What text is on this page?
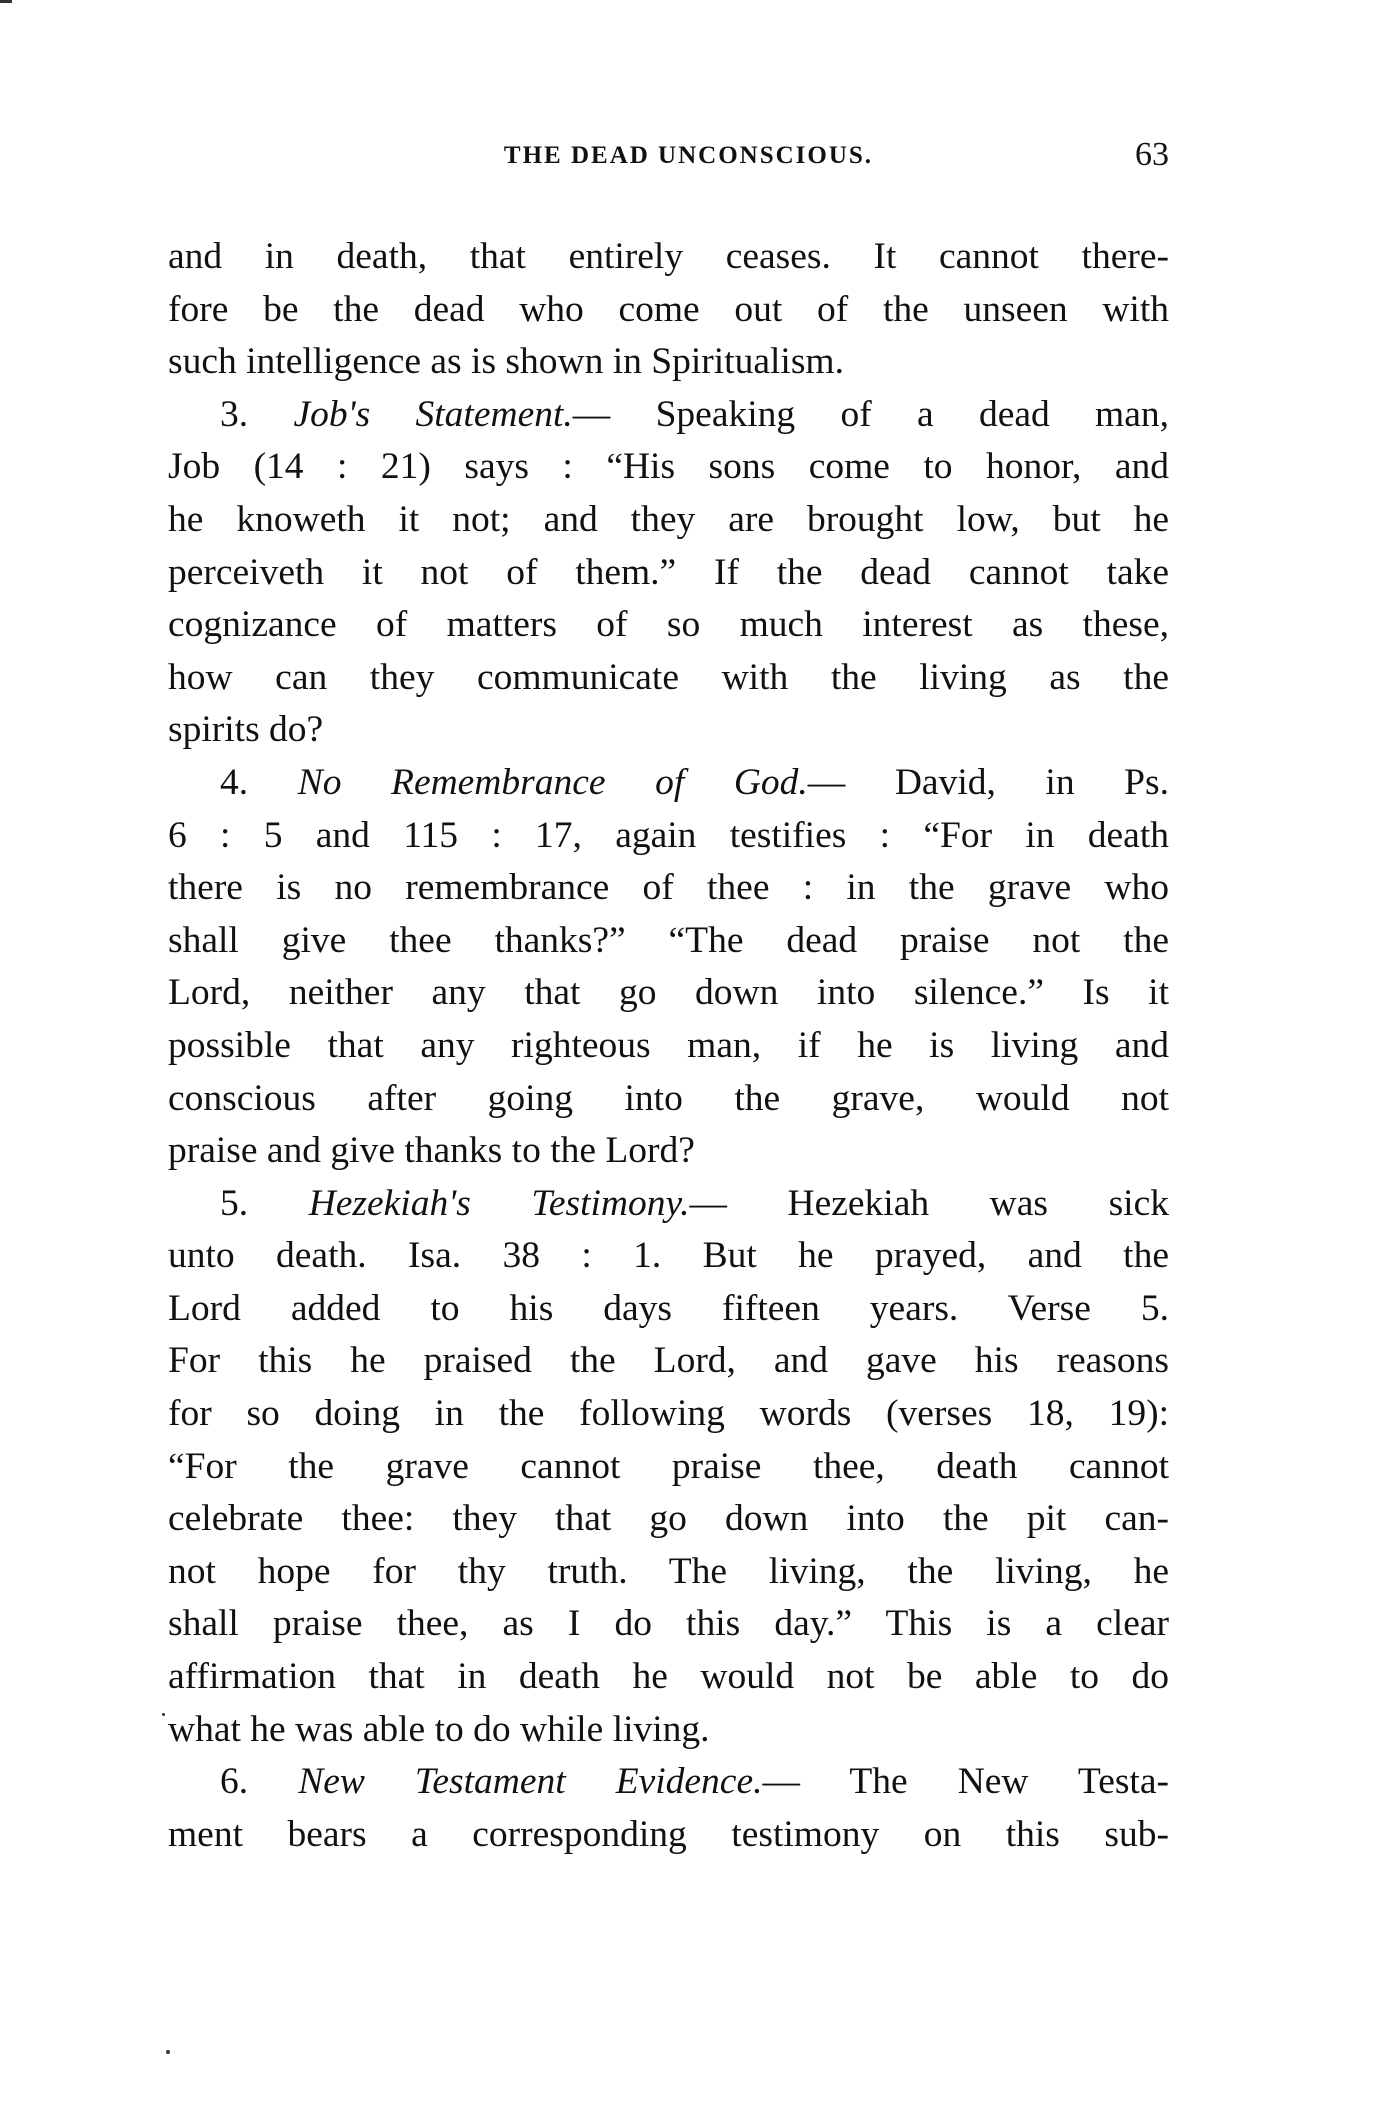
THE DEAD UNCONSCIOUS.	63
and in death, that entirely ceases. It cannot there-
fore be the dead who come out of the unseen with
such intelligence as is shown in Spiritualism.
3. Job's Statement.— Speaking of a dead man,
Job (14 : 21) says : “His sons come to honor, and
he knoweth it not; and they are brought low, but he
perceiveth it not of them.” If the dead cannot take
cognizance of matters of so much interest as these,
how can they communicate with the living as the
spirits do?
4. No Remembrance of God.— David, in Ps.
6 : 5 and 115 : 17, again testifies : “For in death
there is no remembrance of thee : in the grave who
shall give thee thanks?” “The dead praise not the
Lord, neither any that go down into silence.” Is it
possible that any righteous man, if he is living and
conscious after going into the grave, would not
praise and give thanks to the Lord?
5. Hezekiah's Testimony.— Hezekiah was sick
unto death. Isa. 38 : 1. But he prayed, and the
Lord added to his days fifteen years. Verse 5.
For this he praised the Lord, and gave his reasons
for so doing in the following words (verses 18, 19):
“For the grave cannot praise thee, death cannot
celebrate thee: they that go down into the pit can-
not hope for thy truth. The living, the living, he
shall praise thee, as I do this day.” This is a clear
affirmation that in death he would not be able to do
what he was able to do while living.
6. New Testament Evidence.— The New Testa-
ment bears a corresponding testimony on this sub-
